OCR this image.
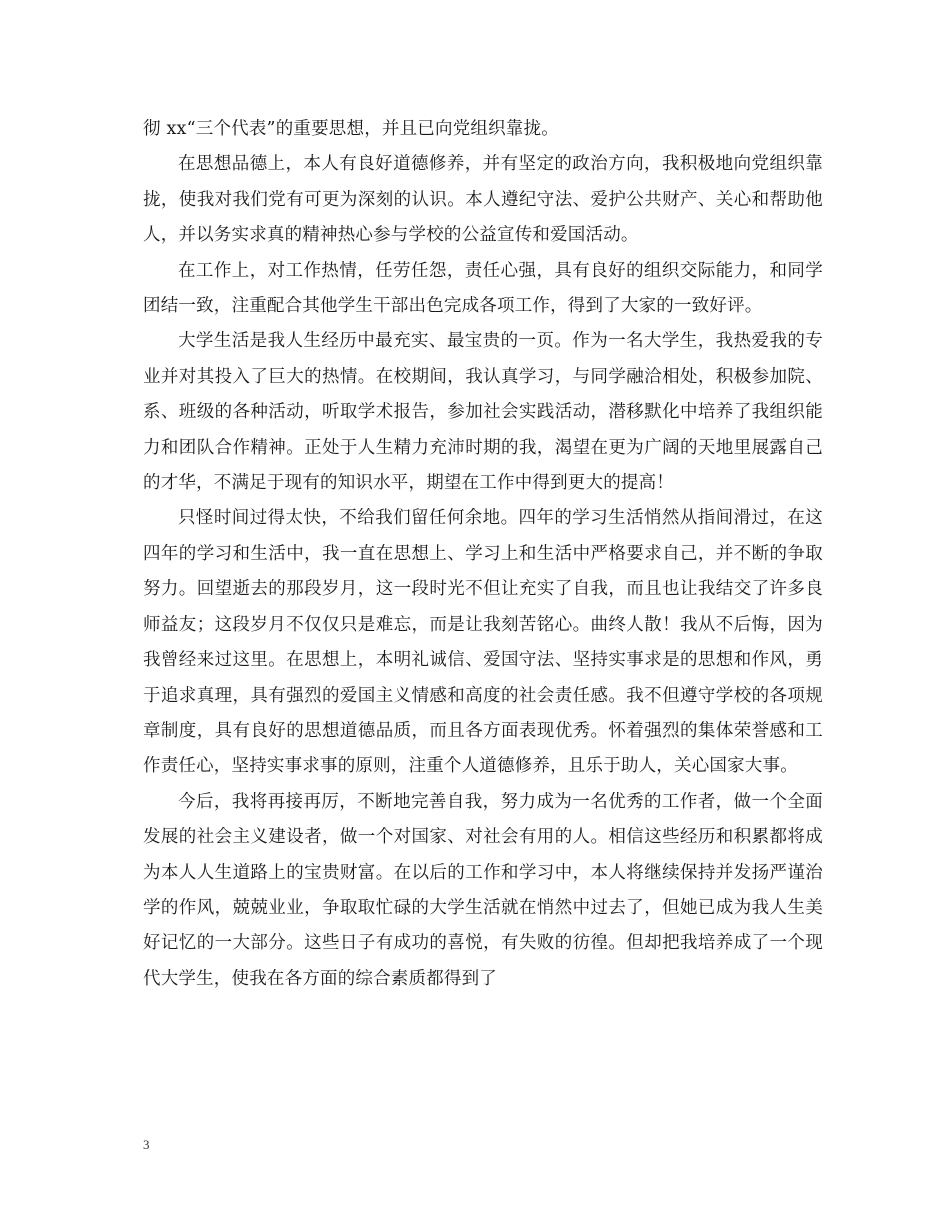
彻 xx“三个代表”的重要思想，并且已向党组织靠拢。

在思想品德上，本人有良好道德修养，并有坚定的政治方向，我积极地向党组织靠拢，使我对我们党有可更为深刻的认识。本人遵纪守法、爱护公共财产、关心和帮助他人，并以务实求真的精神热心参与学校的公益宣传和爱国活动。

在工作上，对工作热情，任劳任怨，责任心强，具有良好的组织交际能力，和同学团结一致，注重配合其他学生干部出色完成各项工作，得到了大家的一致好评。

大学生活是我人生经历中最充实、最宝贵的一页。作为一名大学生，我热爱我的专业并对其投入了巨大的热情。在校期间，我认真学习，与同学融洽相处，积极参加院、系、班级的各种活动，听取学术报告，参加社会实践活动，潜移默化中培养了我组织能力和团队合作精神。正处于人生精力充沛时期的我，渴望在更为广阔的天地里展露自己的才华，不满足于现有的知识水平，期望在工作中得到更大的提高！

只怪时间过得太快，不给我们留任何余地。四年的学习生活悄然从指间滑过，在这四年的学习和生活中，我一直在思想上、学习上和生活中严格要求自己，并不断的争取努力。回望逝去的那段岁月，这一段时光不但让充实了自我，而且也让我结交了许多良师益友；这段岁月不仅仅只是难忘，而是让我刻苦铭心。曲终人散！我从不后悔，因为我曾经来过这里。在思想上，本明礼诚信、爱国守法、坚持实事求是的思想和作风，勇于追求真理，具有强烈的爱国主义情感和高度的社会责任感。我不但遵守学校的各项规章制度，具有良好的思想道德品质，而且各方面表现优秀。怀着强烈的集体荣誉感和工作责任心，坚持实事求事的原则，注重个人道德修养，且乐于助人，关心国家大事。

今后，我将再接再厉，不断地完善自我，努力成为一名优秀的工作者，做一个全面发展的社会主义建设者，做一个对国家、对社会有用的人。相信这些经历和积累都将成为本人人生道路上的宝贵财富。在以后的工作和学习中，本人将继续保持并发扬严谨治学的作风，兢兢业业，争取取忙碌的大学生活就在悄然中过去了，但她已成为我人生美好记忆的一大部分。这些日子有成功的喜悦，有失败的彷徨。但却把我培养成了一个现代大学生，使我在各方面的综合素质都得到了

3
